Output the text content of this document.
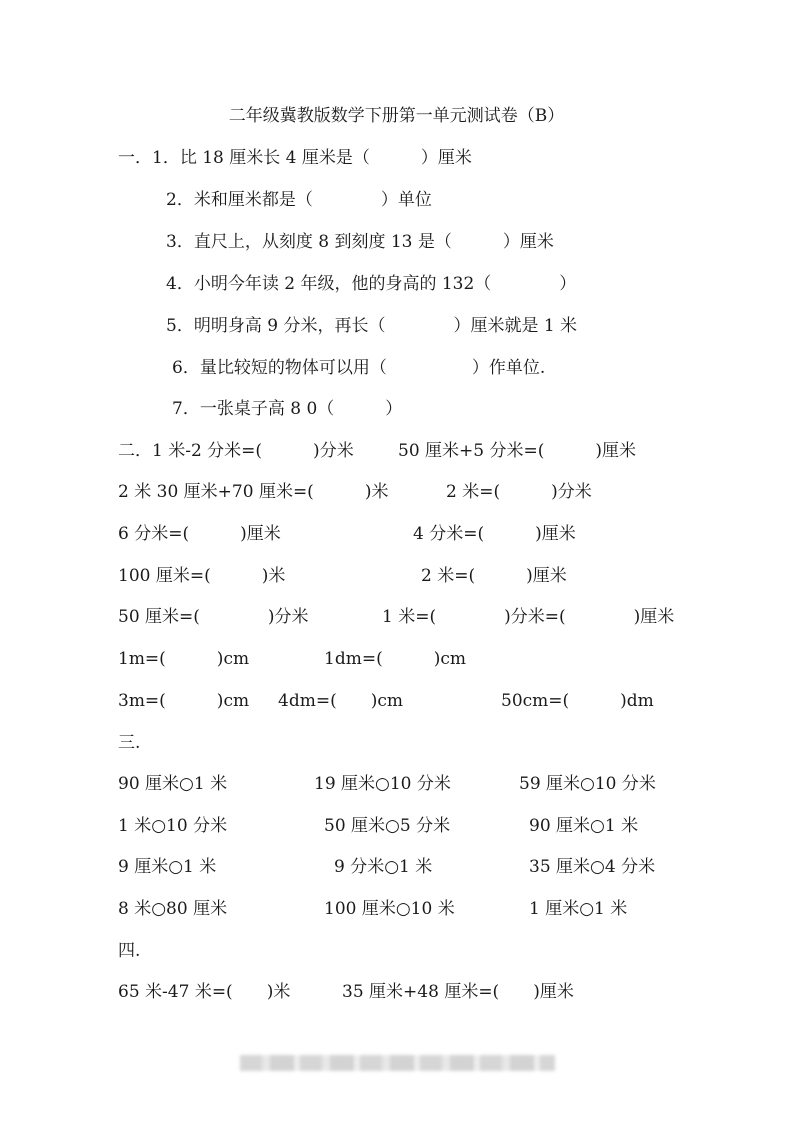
二年级冀教版数学下册第一单元测试卷（B）
一．1．比 18 厘米长 4 厘米是（　　　）厘米
2．米和厘米都是（　　　　）单位
3．直尺上，从刻度 8 到刻度 13 是（　　　）厘米
4．小明今年读 2 年级，他的身高的 132（　　　　）
5．明明身高 9 分米，再长（　　　　）厘米就是 1 米
6．量比较短的物体可以用（　　　　　）作单位.
7．一张桌子高 8 0（　　　）
二．1 米-2 分米=(　　　)分米	50 厘米+5 分米=(　　　)厘米
2 米 30 厘米+70 厘米=(　　　)米	2 米=(　　　)分米
6 分米=(　　　)厘米	4 分米=(　　　)厘米
100 厘米=(　　　)米	2 米=(　　　)厘米
50 厘米=(　　　　)分米	1 米=(　　　　)分米=(　　　　)厘米
1m=(　　　)cm	1dm=(　　　)cm
3m=(　　　)cm 4dm=(　　)cm	50cm=(　　　)dm
三.
90 厘米○1 米	19 厘米○10 分米	59 厘米○10 分米
1 米○10 分米	50 厘米○5 分米	90 厘米○1 米
9 厘米○1 米	9 分米○1 米	35 厘米○4 分米
8 米○80 厘米	100 厘米○10 米	1 厘米○1 米
四.
65 米-47 米=(　　)米	35 厘米+48 厘米=(　　)厘米
